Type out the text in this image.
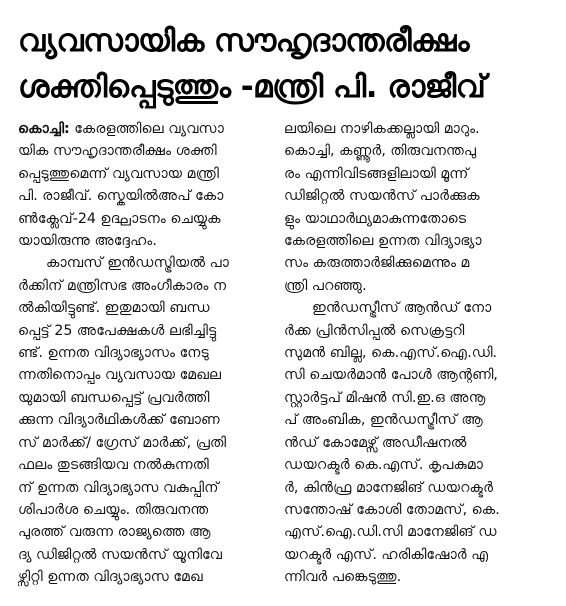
വ്യവസായിക സൗഹൃദാന്തരീക്ഷം
ശക്തിപ്പെടുത്തും -മന്ത്രി പി. രാജീവ്

കൊച്ചി: കേരളത്തിലെ വ്യവസാ
യിക സൗഹൃദാന്തരീക്ഷം ശക്തി
പ്പെടുത്തുമെന്ന് വ്യവസായ മന്ത്രി
പി. രാജീവ്. സ്കെയിൽഅപ് കോ
ൺക്ലേവ്-24 ഉദ്ഘാടനം ചെയ്യുക
യായിരുന്നു അദ്ദേഹം.
കാമ്പസ് ഇൻഡസ്ട്രിയൽ പാ
ർക്കിന് മന്ത്രിസഭ അംഗീകാരം ന
ൽകിയിട്ടുണ്ട്. ഇതുമായി ബന്ധ
പ്പെട്ട് 25 അപേക്ഷകൾ ലഭിച്ചിട്ടു
ണ്ട്. ഉന്നത വിദ്യാഭ്യാസം നേടു
ന്നതിനൊപ്പം വ്യവസായ മേഖല
യുമായി ബന്ധപ്പെട്ട് പ്രവർത്തി
ക്കുന്ന വിദ്യാർഥികൾക്ക് ബോണ
സ് മാർക്ക്/ ഗ്രേസ് മാർക്ക്, പ്രതി
ഫലം തുടങ്ങിയവ നൽകുന്നതി
ന് ഉന്നത വിദ്യാഭ്യാസ വകുപ്പിന്
ശിപാർശ ചെയ്യും. തിരുവനന്ത
പുരത്ത് വരുന്ന രാജ്യത്തെ ആ
ദ്യ ഡിജിറ്റൽ സയൻസ് യൂനിവേ
ഴ്സിറ്റി ഉന്നത വിദ്യാഭ്യാസ മേഖ

ലയിലെ നാഴികക്കല്ലായി മാറും.
കൊച്ചി, കണ്ണൂർ, തിരുവനന്തപു
രം എന്നിവിടങ്ങളിലായി മൂന്ന്
ഡിജിറ്റൽ സയൻസ് പാർക്കുക
ളും യാഥാർഥ്യമാകുന്നതോടെ
കേരളത്തിലെ ഉന്നത വിദ്യാഭ്യാ
സം കരുത്താർജിക്കുമെന്നും മ
ന്ത്രി പറഞ്ഞു.
ഇൻഡസ്ട്രീസ് ആൻഡ് നോ
ർക്ക പ്രിൻസിപ്പൽ സെക്രട്ടറി
സുമൻ ബില്ല, കെ.എസ്.ഐ.ഡി.
സി ചെയർമാൻ പോൾ ആന്റണി,
സ്റ്റാർട്ടപ് മിഷൻ സി.ഇ.ഒ അനൂ
പ് അംബിക, ഇൻഡസ്ട്രീസ് ആ
ൻഡ് കോമേഴ്സ് അഡീഷനൽ
ഡയറക്ടർ കെ.എസ്. കൃപകുമാ
ർ, കിൻഫ്ര മാനേജിങ് ഡയറക്ടർ
സന്തോഷ് കോശി തോമസ്, കെ.
എസ്.ഐ.ഡി.സി മാനേജിങ് ഡ
യറക്ടർ എസ്. ഹരികിഷോർ എ
ന്നിവർ പങ്കെടുത്തു.
